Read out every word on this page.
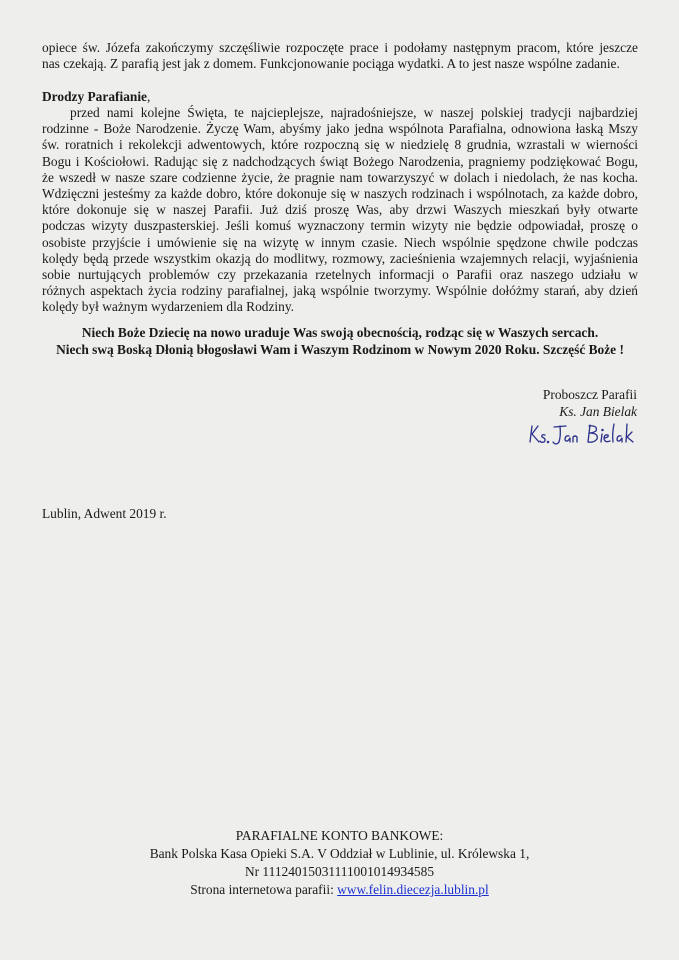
opiece św. Józefa zakończymy szczęśliwie rozpoczęte prace i podołamy następnym pracom, które jeszcze
nas czekają. Z parafią jest jak z domem. Funkcjonowanie pociąga wydatki. A to jest nasze wspólne zadanie.
Drodzy Parafianie,
przed nami kolejne Święta, te najcieplejsze, najradośniejsze, w naszej polskiej tradycji najbardziej
rodzinne - Boże Narodzenie. Życzę Wam, abyśmy jako jedna wspólnota Parafialna, odnowiona łaską Mszy
św. roratnich i rekolekcji adwentowych, które rozpoczną się w niedzielę 8 grudnia, wzrastali w wierności
Bogu i Kościołowi. Radując się z nadchodzących świąt Bożego Narodzenia, pragniemy podziękować Bogu,
że wszedł w nasze szare codzienne życie, że pragnie nam towarzyszyć w dolach i niedolach, że nas kocha.
Wdzięczni jesteśmy za każde dobro, które dokonuje się w naszych rodzinach i wspólnotach, za każde dobro,
które dokonuje się w naszej Parafii. Już dziś proszę Was, aby drzwi Waszych mieszkań były otwarte
podczas wizyty duszpasterskiej. Jeśli komuś wyznaczony termin wizyty nie będzie odpowiadał, proszę o
osobiste przyjście i umówienie się na wizytę w innym czasie. Niech wspólnie spędzone chwile podczas
kolędy będą przede wszystkim okazją do modlitwy, rozmowy, zacieśnienia wzajemnych relacji, wyjaśnienia
sobie nurtujących problemów czy przekazania rzetelnych informacji o Parafii oraz naszego udziału w
różnych aspektach życia rodziny parafialnej, jaką wspólnie tworzymy. Wspólnie dołóżmy starań, aby dzień
kolędy był ważnym wydarzeniem dla Rodziny.
Niech Boże Dziecię na nowo uraduje Was swoją obecnością, rodząc się w Waszych sercach.
Niech swą Boską Dłonią błogosławi Wam i Waszym Rodzinom w Nowym 2020 Roku. Szczęść Boże !
Proboszcz Parafii
Ks. Jan Bielak
Lublin, Adwent 2019 r.
PARAFIALNE KONTO BANKOWE:
Bank Polska Kasa Opieki S.A. V Oddział w Lublinie, ul. Królewska 1,
Nr 11124015031111001014934585
Strona internetowa parafii: www.felin.diecezja.lublin.pl
